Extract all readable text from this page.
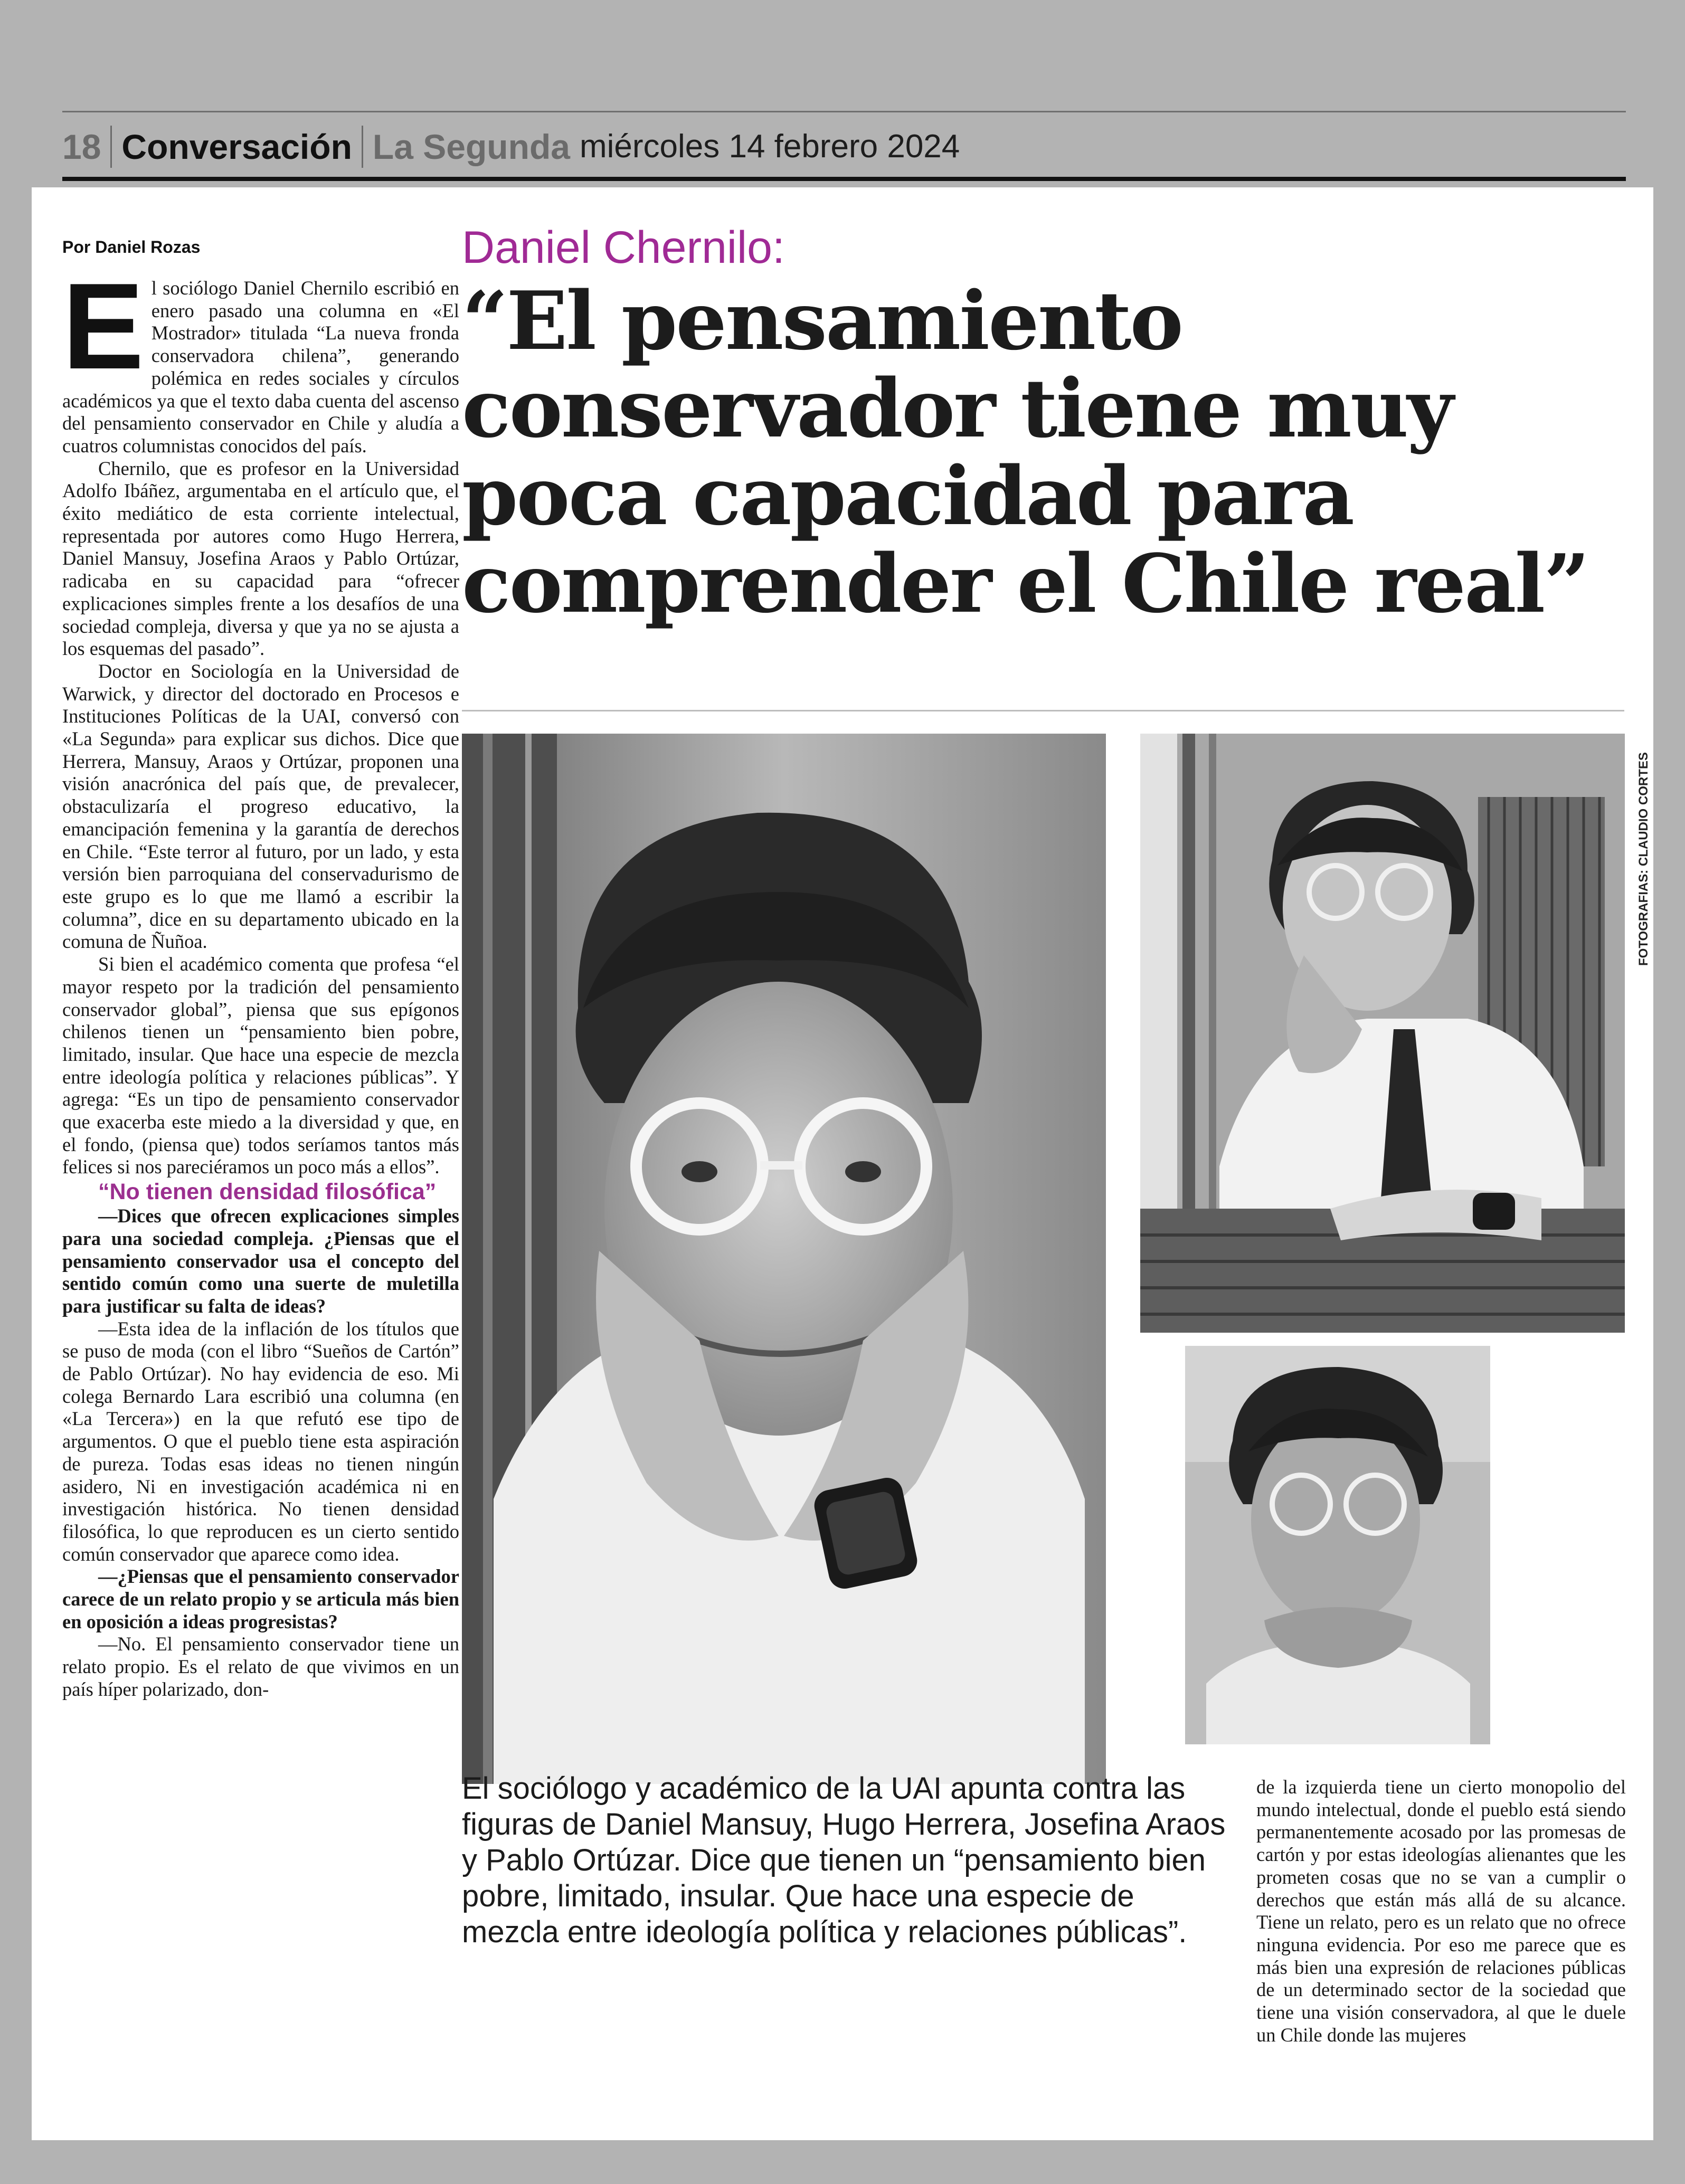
18 Conversación La Segunda miércoles 14 febrero 2024
Por Daniel Rozas

El sociólogo Daniel Chernilo escribió en enero pasado una columna en «El Mostrador» titulada “La nueva fronda conservadora chilena”, generando polémica en redes sociales y círculos académicos ya que el texto daba cuenta del ascenso del pensamiento conservador en Chile y aludía a cuatros columnistas conocidos del país.

Chernilo, que es profesor en la Universidad Adolfo Ibáñez, argumentaba en el artículo que, el éxito mediático de esta corriente intelectual, representada por autores como Hugo Herrera, Daniel Mansuy, Josefina Araos y Pablo Ortúzar, radicaba en su capacidad para “ofrecer explicaciones simples frente a los desafíos de una sociedad compleja, diversa y que ya no se ajusta a los esquemas del pasado”.

Doctor en Sociología en la Universidad de Warwick, y director del doctorado en Procesos e Instituciones Políticas de la UAI, conversó con «La Segunda» para explicar sus dichos. Dice que Herrera, Mansuy, Araos y Ortúzar, proponen una visión anacrónica del país que, de prevalecer, obstaculizaría el progreso educativo, la emancipación femenina y la garantía de derechos en Chile. “Este terror al futuro, por un lado, y esta versión bien parroquiana del conservadurismo de este grupo es lo que me llamó a escribir la columna”, dice en su departamento ubicado en la comuna de Ñuñoa.

Si bien el académico comenta que profesa “el mayor respeto por la tradición del pensamiento conservador global”, piensa que sus epígonos chilenos tienen un “pensamiento bien pobre, limitado, insular. Que hace una especie de mezcla entre ideología política y relaciones públicas”. Y agrega: “Es un tipo de pensamiento conservador que exacerba este miedo a la diversidad y que, en el fondo, (piensa que) todos seríamos tantos más felices si nos pareciéramos un poco más a ellos”.

“No tienen densidad filosófica”

—Dices que ofrecen explicaciones simples para una sociedad compleja. ¿Piensas que el pensamiento conservador usa el concepto del sentido común como una suerte de muletilla para justificar su falta de ideas?

—Esta idea de la inflación de los títulos que se puso de moda (con el libro “Sueños de Cartón” de Pablo Ortúzar). No hay evidencia de eso. Mi colega Bernardo Lara escribió una columna (en «La Tercera») en la que refutó ese tipo de argumentos. O que el pueblo tiene esta aspiración de pureza. Todas esas ideas no tienen ningún asidero, Ni en investigación académica ni en investigación histórica. No tienen densidad filosófica, lo que reproducen es un cierto sentido común conservador que aparece como idea.

—¿Piensas que el pensamiento conservador carece de un relato propio y se articula más bien en oposición a ideas progresistas?

—No. El pensamiento conservador tiene un relato propio. Es el relato de que vivimos en un país híper polarizado, don-

Daniel Chernilo:
“El pensamiento conservador tiene muy poca capacidad para comprender el Chile real”
FOTOGRAFIAS: CLAUDIO CORTES
El sociólogo y académico de la UAI apunta contra las figuras de Daniel Mansuy, Hugo Herrera, Josefina Araos y Pablo Ortúzar. Dice que tienen un “pensamiento bien pobre, limitado, insular. Que hace una especie de mezcla entre ideología política y relaciones públicas”.

de la izquierda tiene un cierto monopolio del mundo intelectual, donde el pueblo está siendo permanentemente acosado por las promesas de cartón y por estas ideologías alienantes que les prometen cosas que no se van a cumplir o derechos que están más allá de su alcance. Tiene un relato, pero es un relato que no ofrece ninguna evidencia. Por eso me parece que es más bien una expresión de relaciones públicas de un determinado sector de la sociedad que tiene una visión conservadora, al que le duele un Chile donde las mujeres
